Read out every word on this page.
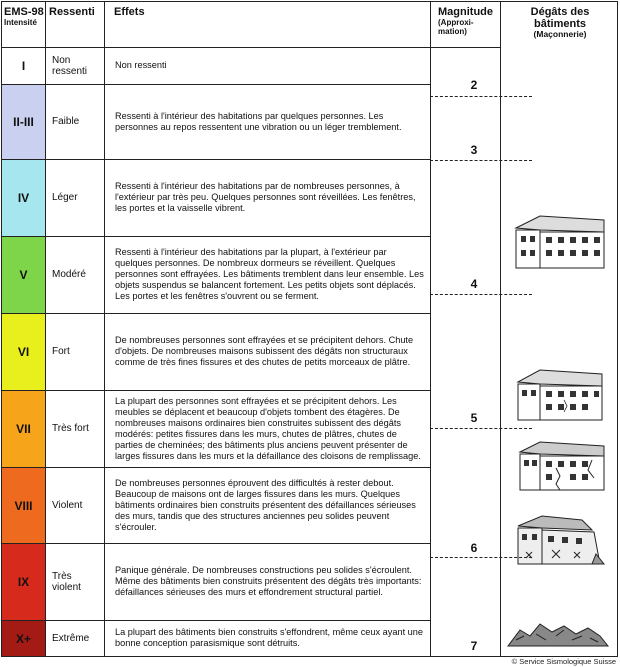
EMS-98
Intensité
Ressenti Effets	Magnitude
(Approxi-
mation)
Dégâts des
bâtiments
(Maçonnerie)
I	Non
ressenti
Non ressenti
II-III	Faible
Ressenti à l'intérieur des habitations par quelques personnes. Les personnes au repos ressentent une vibration ou un léger tremblement.
IV	Léger
Ressenti à l'intérieur des habitations par de nombreuses personnes, à l'extérieur par très peu. Quelques personnes sont réveillées. Les fenêtres, les portes et la vaisselle vibrent.
V	Modéré
Ressenti à l'intérieur des habitations par la plupart, à l'extérieur par quelques personnes. De nombreux dormeurs se réveillent. Quelques personnes sont effrayées. Les bâtiments tremblent dans leur ensemble. Les objets suspendus se balancent fortement. Les petits objets sont déplacés. Les portes et les fenêtres s'ouvrent ou se ferment.
VI	Fort
De nombreuses personnes sont effrayées et se précipitent dehors. Chute d'objets. De nombreuses maisons subissent des dégâts non structuraux comme de très fines fissures et des chutes de petits morceaux de plâtre.
VII	Très fort
La plupart des personnes sont effrayées et se précipitent dehors. Les meubles se déplacent et beaucoup d'objets tombent des étagères. De nombreuses maisons ordinaires bien construites subissent des dégâts modérés: petites fissures dans les murs, chutes de plâtres, chutes de parties de cheminées; des bâtiments plus anciens peuvent présenter de larges fissures dans les murs et la défaillance des cloisons de remplissage.
VIII	Violent
De nombreuses personnes éprouvent des difficultés à rester debout. Beaucoup de maisons ont de larges fissures dans les murs. Quelques bâtiments ordinaires bien construits présentent des défaillances sérieuses des murs, tandis que des structures anciennes peu solides peuvent s'écrouler.
IX	Très
violent
Panique générale. De nombreuses constructions peu solides s'écroulent. Même des bâtiments bien construits présentent des dégâts très importants: défaillances sérieuses des murs et effondrement structural partiel.
X+	Extrême
La plupart des bâtiments bien construits s'effondrent, même ceux ayant une bonne conception parasismique sont détruits.
2
3
4
5
6
7
© Service Sismologique Suisse
